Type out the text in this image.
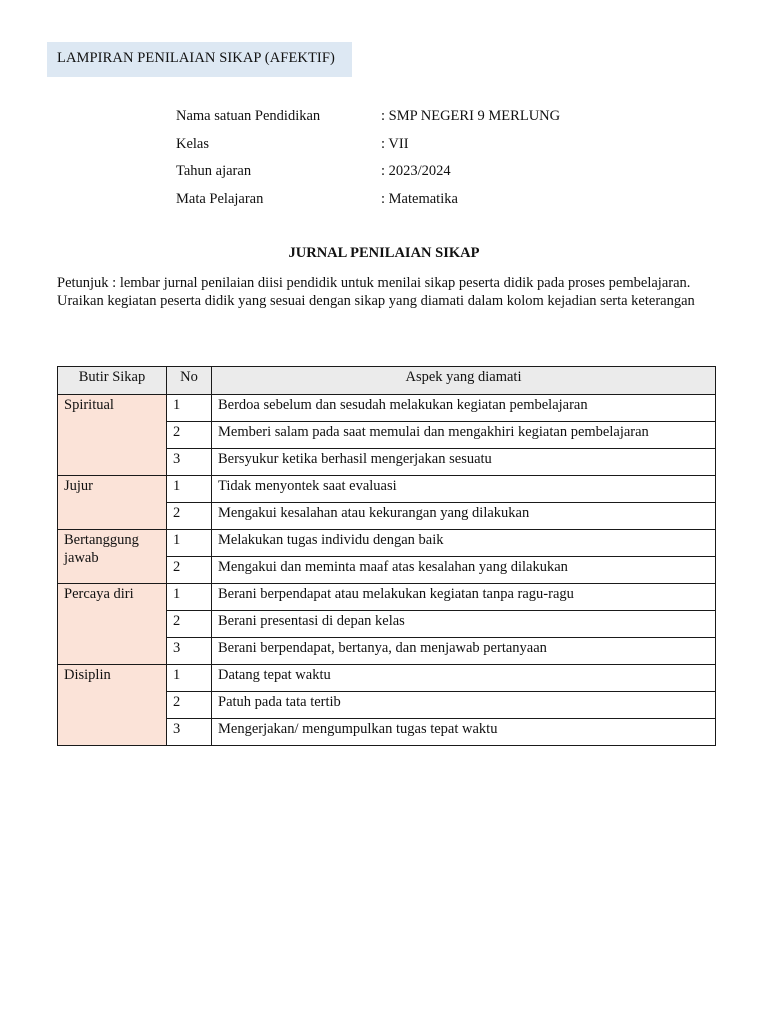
LAMPIRAN PENILAIAN SIKAP (AFEKTIF)
Nama satuan Pendidikan	: SMP NEGERI 9 MERLUNG
Kelas	: VII
Tahun ajaran	: 2023/2024
Mata Pelajaran	: Matematika
JURNAL PENILAIAN SIKAP
Petunjuk : lembar jurnal penilaian diisi pendidik untuk menilai sikap peserta didik pada proses pembelajaran. Uraikan kegiatan peserta didik yang sesuai dengan sikap yang diamati dalam kolom kejadian serta keterangan
Butir Sikap	No	Aspek yang diamati
Spiritual	1	Berdoa sebelum dan sesudah melakukan kegiatan pembelajaran
	2	Memberi salam pada saat memulai dan mengakhiri kegiatan pembelajaran
	3	Bersyukur ketika berhasil mengerjakan sesuatu
Jujur	1	Tidak menyontek saat evaluasi
	2	Mengakui kesalahan atau kekurangan yang dilakukan
Bertanggung jawab	1	Melakukan tugas individu dengan baik
	2	Mengakui dan meminta maaf atas kesalahan yang dilakukan
Percaya diri	1	Berani berpendapat atau melakukan kegiatan tanpa ragu-ragu
	2	Berani presentasi di depan kelas
	3	Berani berpendapat, bertanya, dan menjawab pertanyaan
Disiplin	1	Datang tepat waktu
	2	Patuh pada tata tertib
	3	Mengerjakan/ mengumpulkan tugas tepat waktu
